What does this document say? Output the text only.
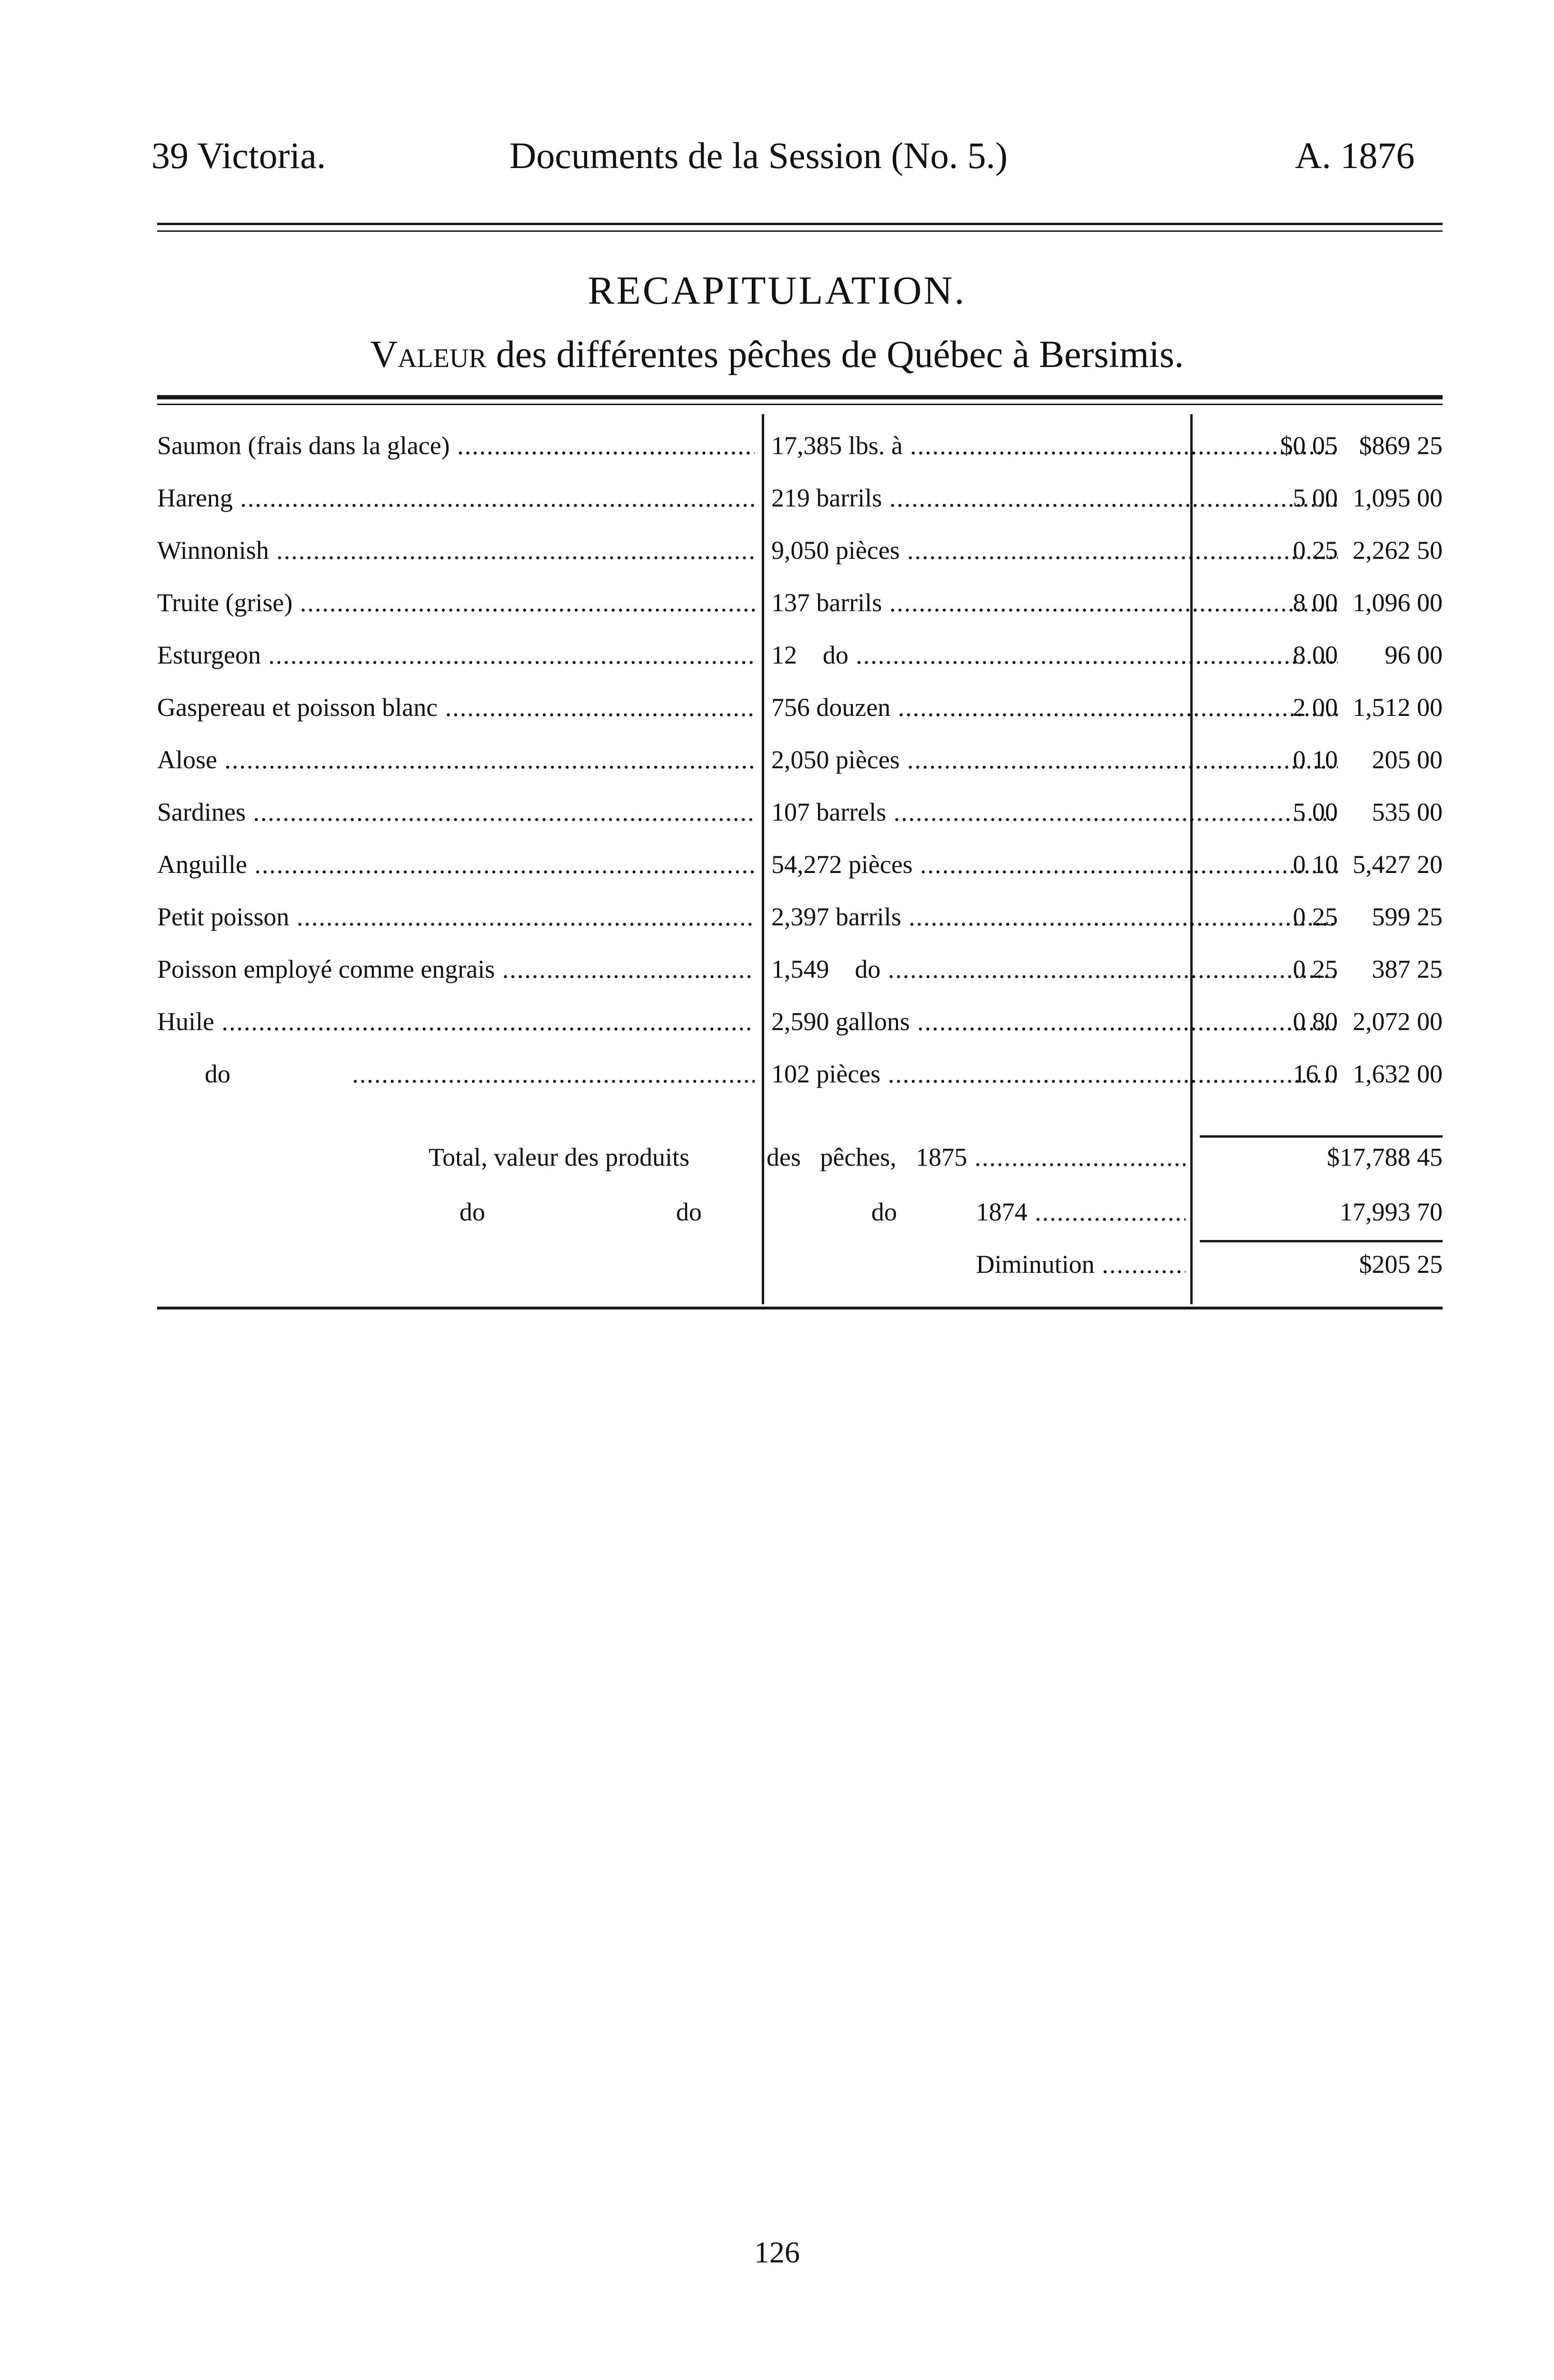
39 Victoria.	Documents de la Session (No. 5.)	A. 1876
RECAPITULATION.
Valeur des différentes pêches de Québec à Bersimis.
Saumon (frais dans la glace) .....	17,385 lbs. à .....	$0 05 $869 25
Hareng .....	219 barrils .....	5 00 1,095 00
Winnonish .....	9,050 pièces .....	0 25 2,262 50
Truite (grise) .....	137 barrils .....	8 00 1,096 00
Esturgeon .....	12    do .....	8 00	96 00
Gaspereau et poisson blanc .....	756 douzen .....	2 00 1,512 00
Alose .....	2,050 pièces .....	0 10	205 00
Sardines .....	107 barrels .....	5 00	535 00
Anguille .....	54,272 pièces .....	0 10 5,427 20
Petit poisson .....	2,397 barrils .....	0 25	599 25
Poisson employé comme engrais .....	1,549    do .....	0 25	387 25
Huile .....	2,590 gallons .....	0 80 2,072 00
do .....	102 pièces .....	16 0 1,632 00
Total, valeur des produits	des   pêches,   1875 .....	$17,788 45
do	do	do	1874 .....	17,993 70
Diminution .....	$205 25
126
